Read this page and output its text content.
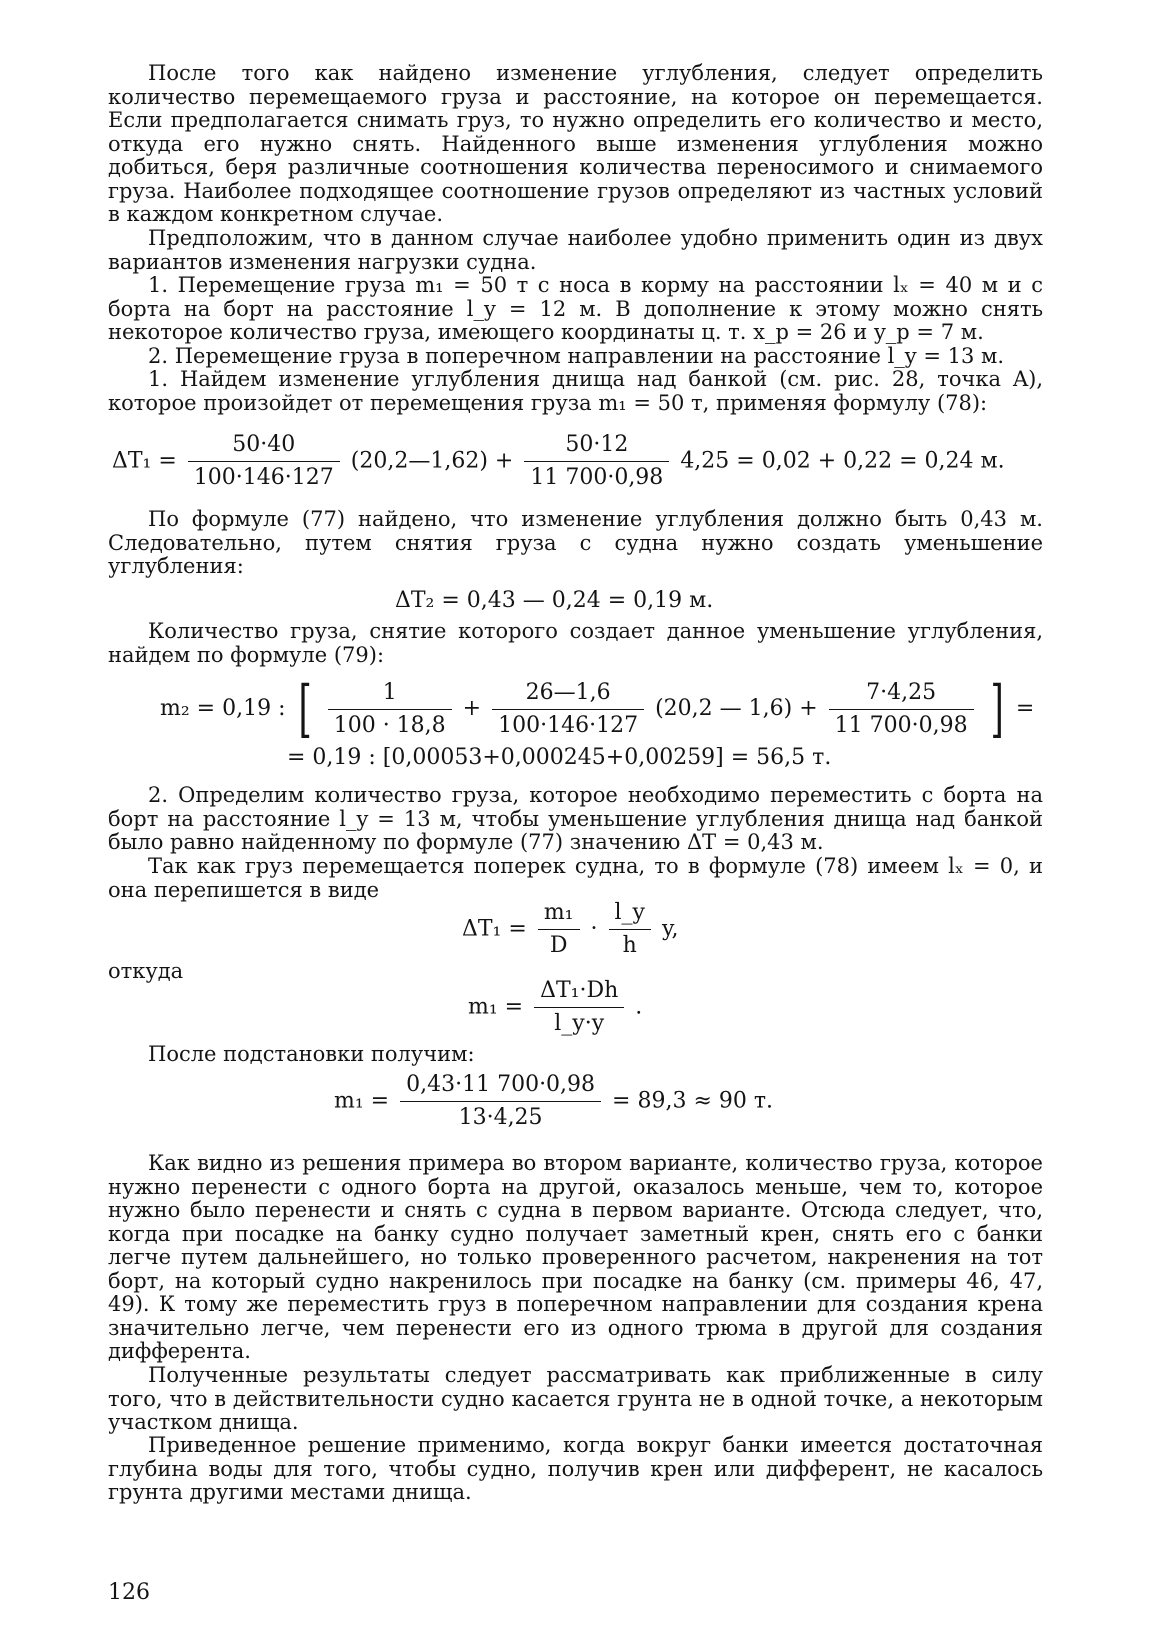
После того как найдено изменение углубления, следует определить количество перемещаемого груза и расстояние, на которое он перемещается. Если предполагается снимать груз, то нужно определить его количество и место, откуда его нужно снять. Найденного выше изменения углубления можно добиться, беря различные соотношения количества переносимого и снимаемого груза. Наиболее подходящее соотношение грузов определяют из частных условий в каждом конкретном случае.

Предположим, что в данном случае наиболее удобно применить один из двух вариантов изменения нагрузки судна.

1. Перемещение груза m₁ = 50 т с носа в корму на расстоянии lₓ = 40 м и с борта на борт на расстояние l_y = 12 м. В дополнение к этому можно снять некоторое количество груза, имеющего координаты ц. т. x_p = 26 и y_p = 7 м.

2. Перемещение груза в поперечном направлении на расстояние l_y = 13 м.

1. Найдем изменение углубления днища над банкой (см. рис. 28, точка A), которое произойдет от перемещения груза m₁ = 50 т, применяя формулу (78):

$\Delta T_1 = \frac{50\cdot 40}{100\cdot 146\cdot 127}$ (20,2—1,62) + $\frac{50\cdot 12}{11 700\cdot 0,98} 4,25 = 0,02 + 0,22 = 0,24$ м.

По формуле (77) найдено, что изменение углубления должно быть 0,43 м. Следовательно, путем снятия груза с судна нужно создать уменьшение углубления:

ΔT₂ = 0,43 — 0,24 = 0,19 м.

Количество груза, снятие которого создает данное уменьшение углубления, найдем по формуле (79):

m₂ = 0,19 : [ $\frac{1}{100 \cdot 18,8} + \frac{26—1,6}{100\cdot 146\cdot 127} (20,2$ — $1,6) + \frac{7\cdot 4,25}{11 700\cdot 0,98}$ ] =
= 0,19 : [0,00053+0,000245+0,00259] = 56,5 т.

2. Определим количество груза, которое необходимо переместить с борта на борт на расстояние l_y = 13 м, чтобы уменьшение углубления днища над банкой было равно найденному по формуле (77) значению ΔT = 0,43 м.

Так как груз перемещается поперек судна, то в формуле (78) имеем lₓ = 0, и она перепишется в виде

$\Delta T_1 = \frac{\text{m₁}}{D} \cdot \frac{l\_y}{h} y$,

откуда

$m_1 = \frac{\text{ΔT₁·Dh}}{l\_y\cdot y}$ .

После подстановки получим:

$m_1 = \frac{0,43\cdot 11 700\cdot 0,98}{13\cdot 4,25} = 89,3 \approx 90$ т.

Как видно из решения примера во втором варианте, количество груза, которое нужно перенести с одного борта на другой, оказалось меньше, чем то, которое нужно было перенести и снять с судна в первом варианте. Отсюда следует, что, когда при посадке на банку судно получает заметный крен, снять его с банки легче путем дальнейшего, но только проверенного расчетом, накренения на тот борт, на который судно накренилось при посадке на банку (см. примеры 46, 47, 49). К тому же переместить груз в поперечном направлении для создания крена значительно легче, чем перенести его из одного трюма в другой для создания дифферента.

Полученные результаты следует рассматривать как приближенные в силу того, что в действительности судно касается грунта не в одной точке, а некоторым участком днища.

Приведенное решение применимо, когда вокруг банки имеется достаточная глубина воды для того, чтобы судно, получив крен или дифферент, не касалось грунта другими местами днища.

126
